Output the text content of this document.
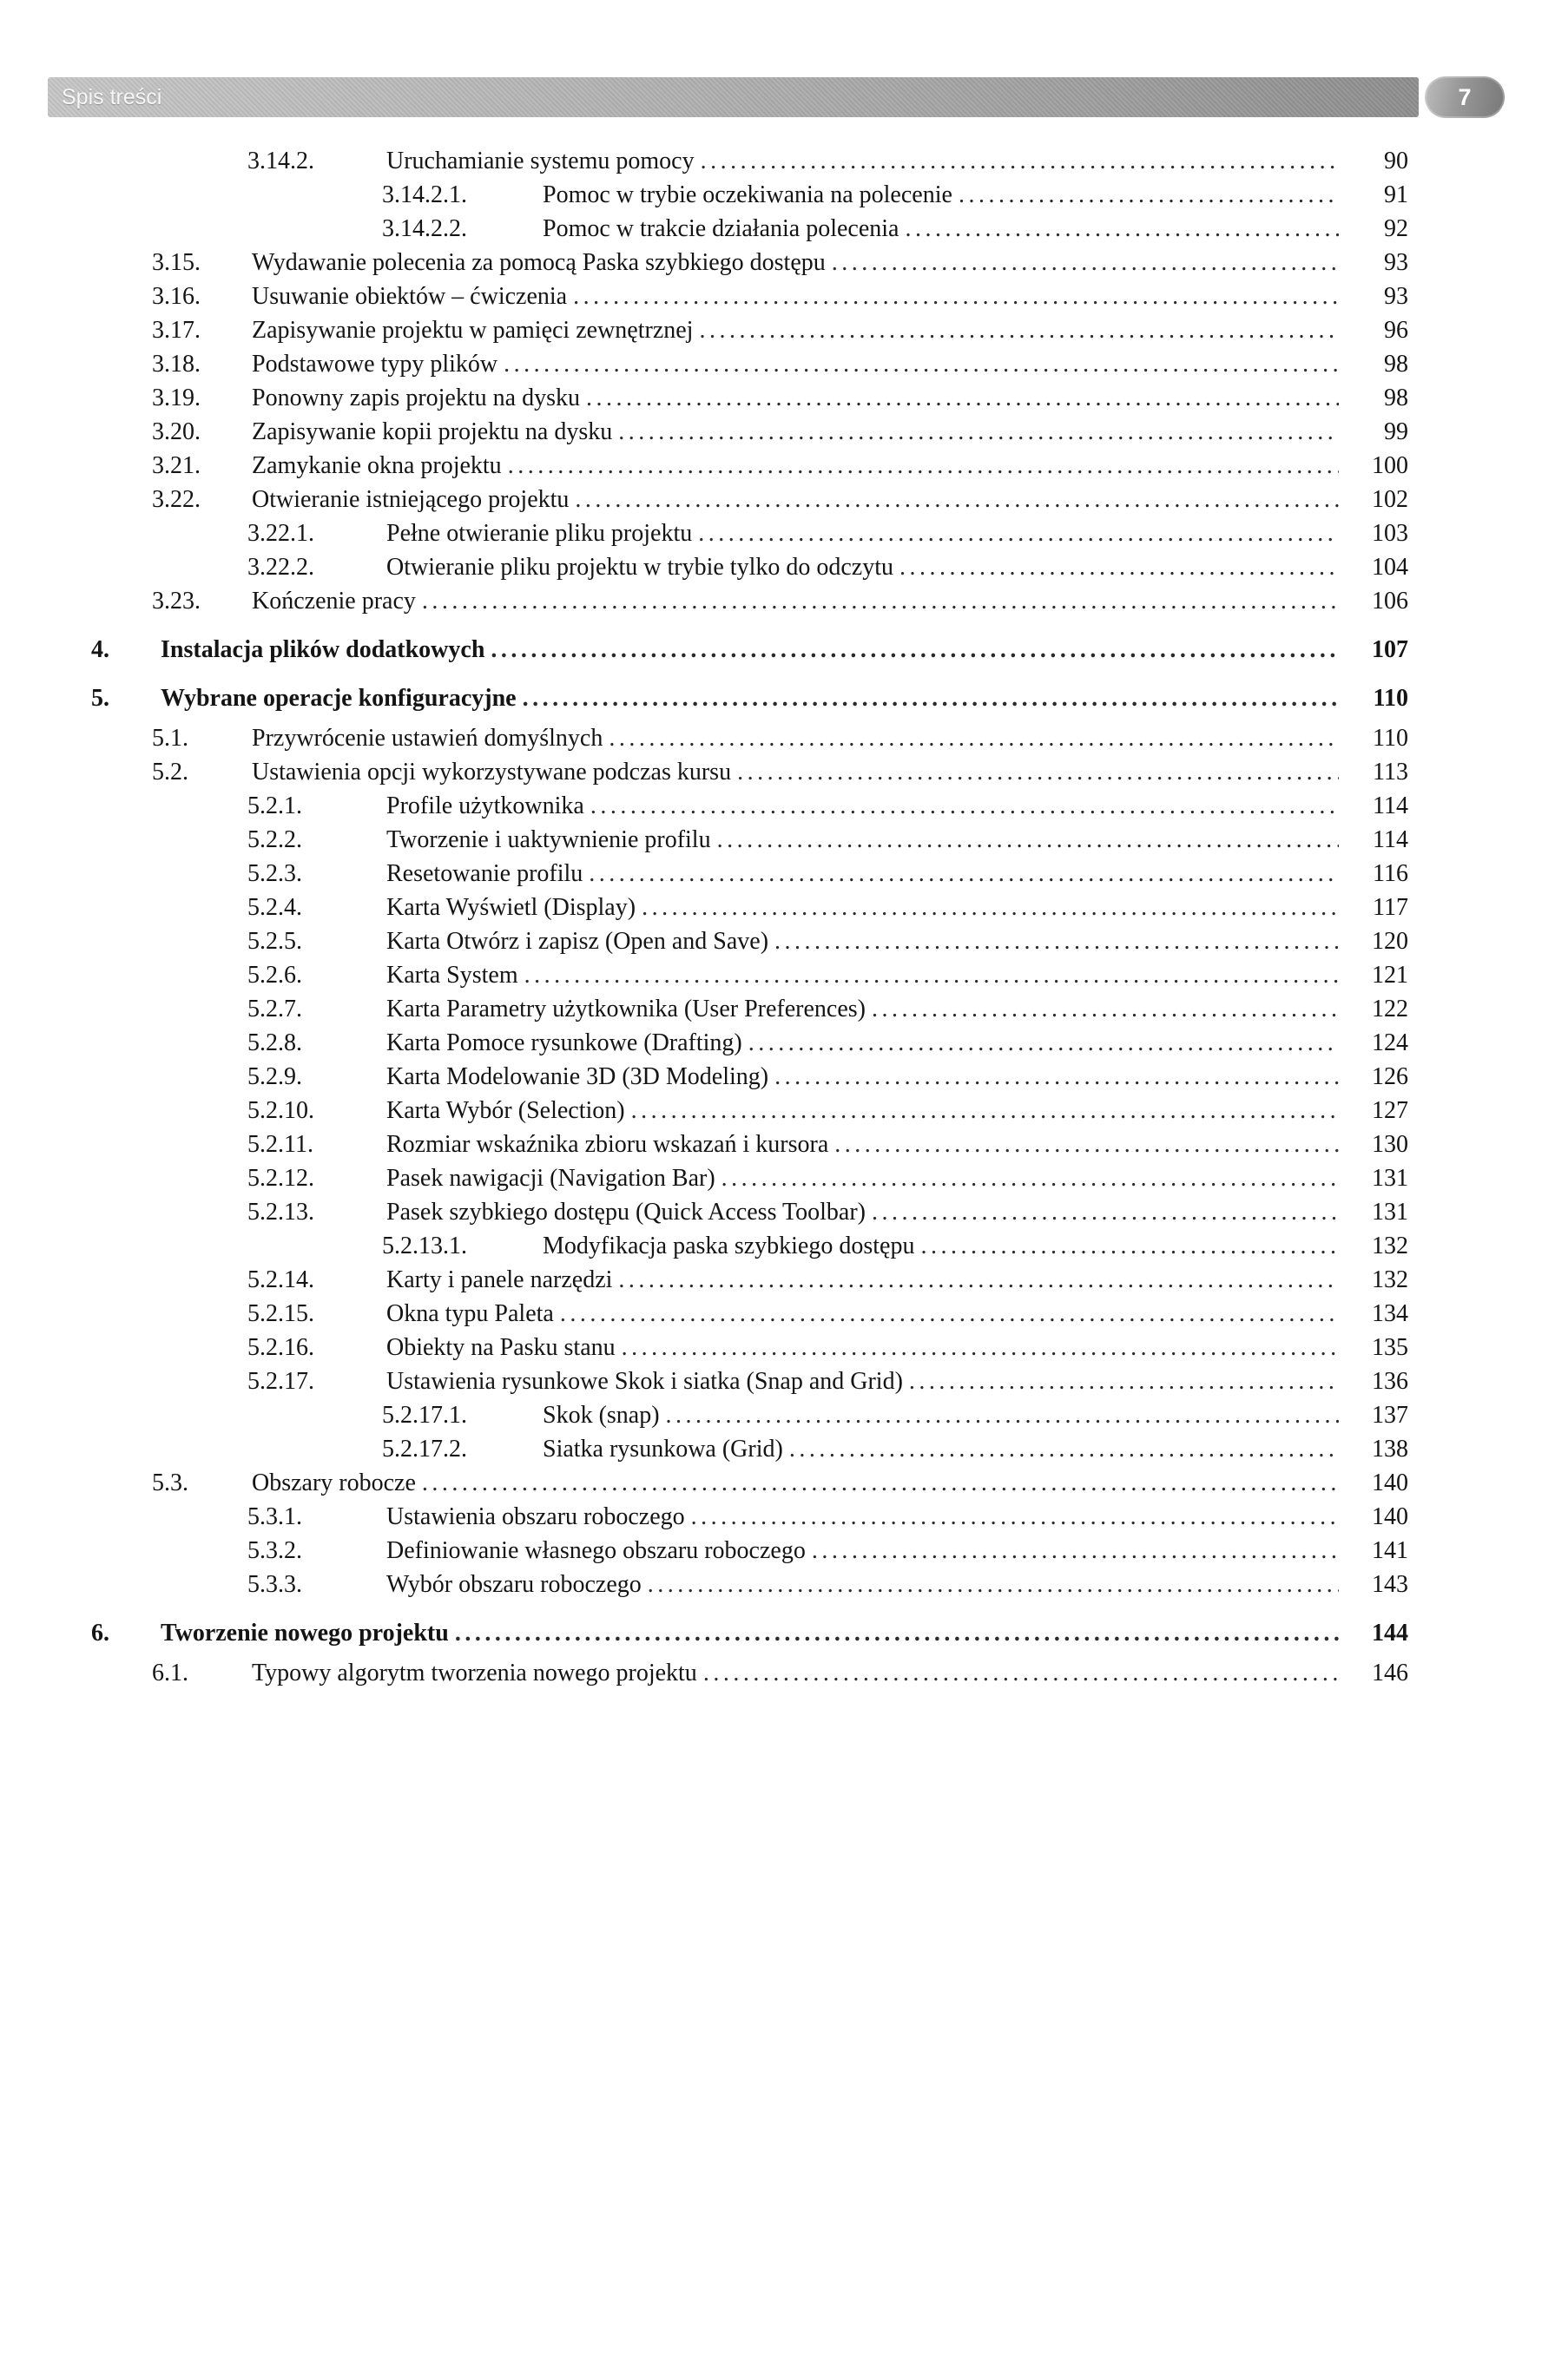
Spis treści	7
3.14.2.	Uruchamianie systemu pomocy .....	90
3.14.2.1.	Pomoc w trybie oczekiwania na polecenie .....	91
3.14.2.2.	Pomoc w trakcie działania polecenia .....	92
3.15.	Wydawanie polecenia za pomocą Paska szybkiego dostępu .....	93
3.16.	Usuwanie obiektów – ćwiczenia .....	93
3.17.	Zapisywanie projektu w pamięci zewnętrznej .....	96
3.18.	Podstawowe typy plików .....	98
3.19.	Ponowny zapis projektu na dysku .....	98
3.20.	Zapisywanie kopii projektu na dysku .....	99
3.21.	Zamykanie okna projektu .....	100
3.22.	Otwieranie istniejącego projektu .....	102
3.22.1.	Pełne otwieranie pliku projektu .....	103
3.22.2.	Otwieranie pliku projektu w trybie tylko do odczytu .....	104
3.23.	Kończenie pracy .....	106
4.	Instalacja plików dodatkowych .....	107
5.	Wybrane operacje konfiguracyjne .....	110
5.1.	Przywrócenie ustawień domyślnych .....	110
5.2.	Ustawienia opcji wykorzystywane podczas kursu .....	113
5.2.1.	Profile użytkownika .....	114
5.2.2.	Tworzenie i uaktywnienie profilu .....	114
5.2.3.	Resetowanie profilu .....	116
5.2.4.	Karta Wyświetl (Display) .....	117
5.2.5.	Karta Otwórz i zapisz (Open and Save) .....	120
5.2.6.	Karta System .....	121
5.2.7.	Karta Parametry użytkownika (User Preferences) .....	122
5.2.8.	Karta Pomoce rysunkowe (Drafting) .....	124
5.2.9.	Karta Modelowanie 3D (3D Modeling) .....	126
5.2.10.	Karta Wybór (Selection) .....	127
5.2.11.	Rozmiar wskaźnika zbioru wskazań i kursora .....	130
5.2.12.	Pasek nawigacji (Navigation Bar) .....	131
5.2.13.	Pasek szybkiego dostępu (Quick Access Toolbar) .....	131
5.2.13.1.	Modyfikacja paska szybkiego dostępu .....	132
5.2.14.	Karty i panele narzędzi .....	132
5.2.15.	Okna typu Paleta .....	134
5.2.16.	Obiekty na Pasku stanu .....	135
5.2.17.	Ustawienia rysunkowe Skok i siatka (Snap and Grid) .....	136
5.2.17.1.	Skok (snap) .....	137
5.2.17.2.	Siatka rysunkowa (Grid) .....	138
5.3.	Obszary robocze .....	140
5.3.1.	Ustawienia obszaru roboczego .....	140
5.3.2.	Definiowanie własnego obszaru roboczego .....	141
5.3.3.	Wybór obszaru roboczego .....	143
6.	Tworzenie nowego projektu .....	144
6.1.	Typowy algorytm tworzenia nowego projektu .....	146
